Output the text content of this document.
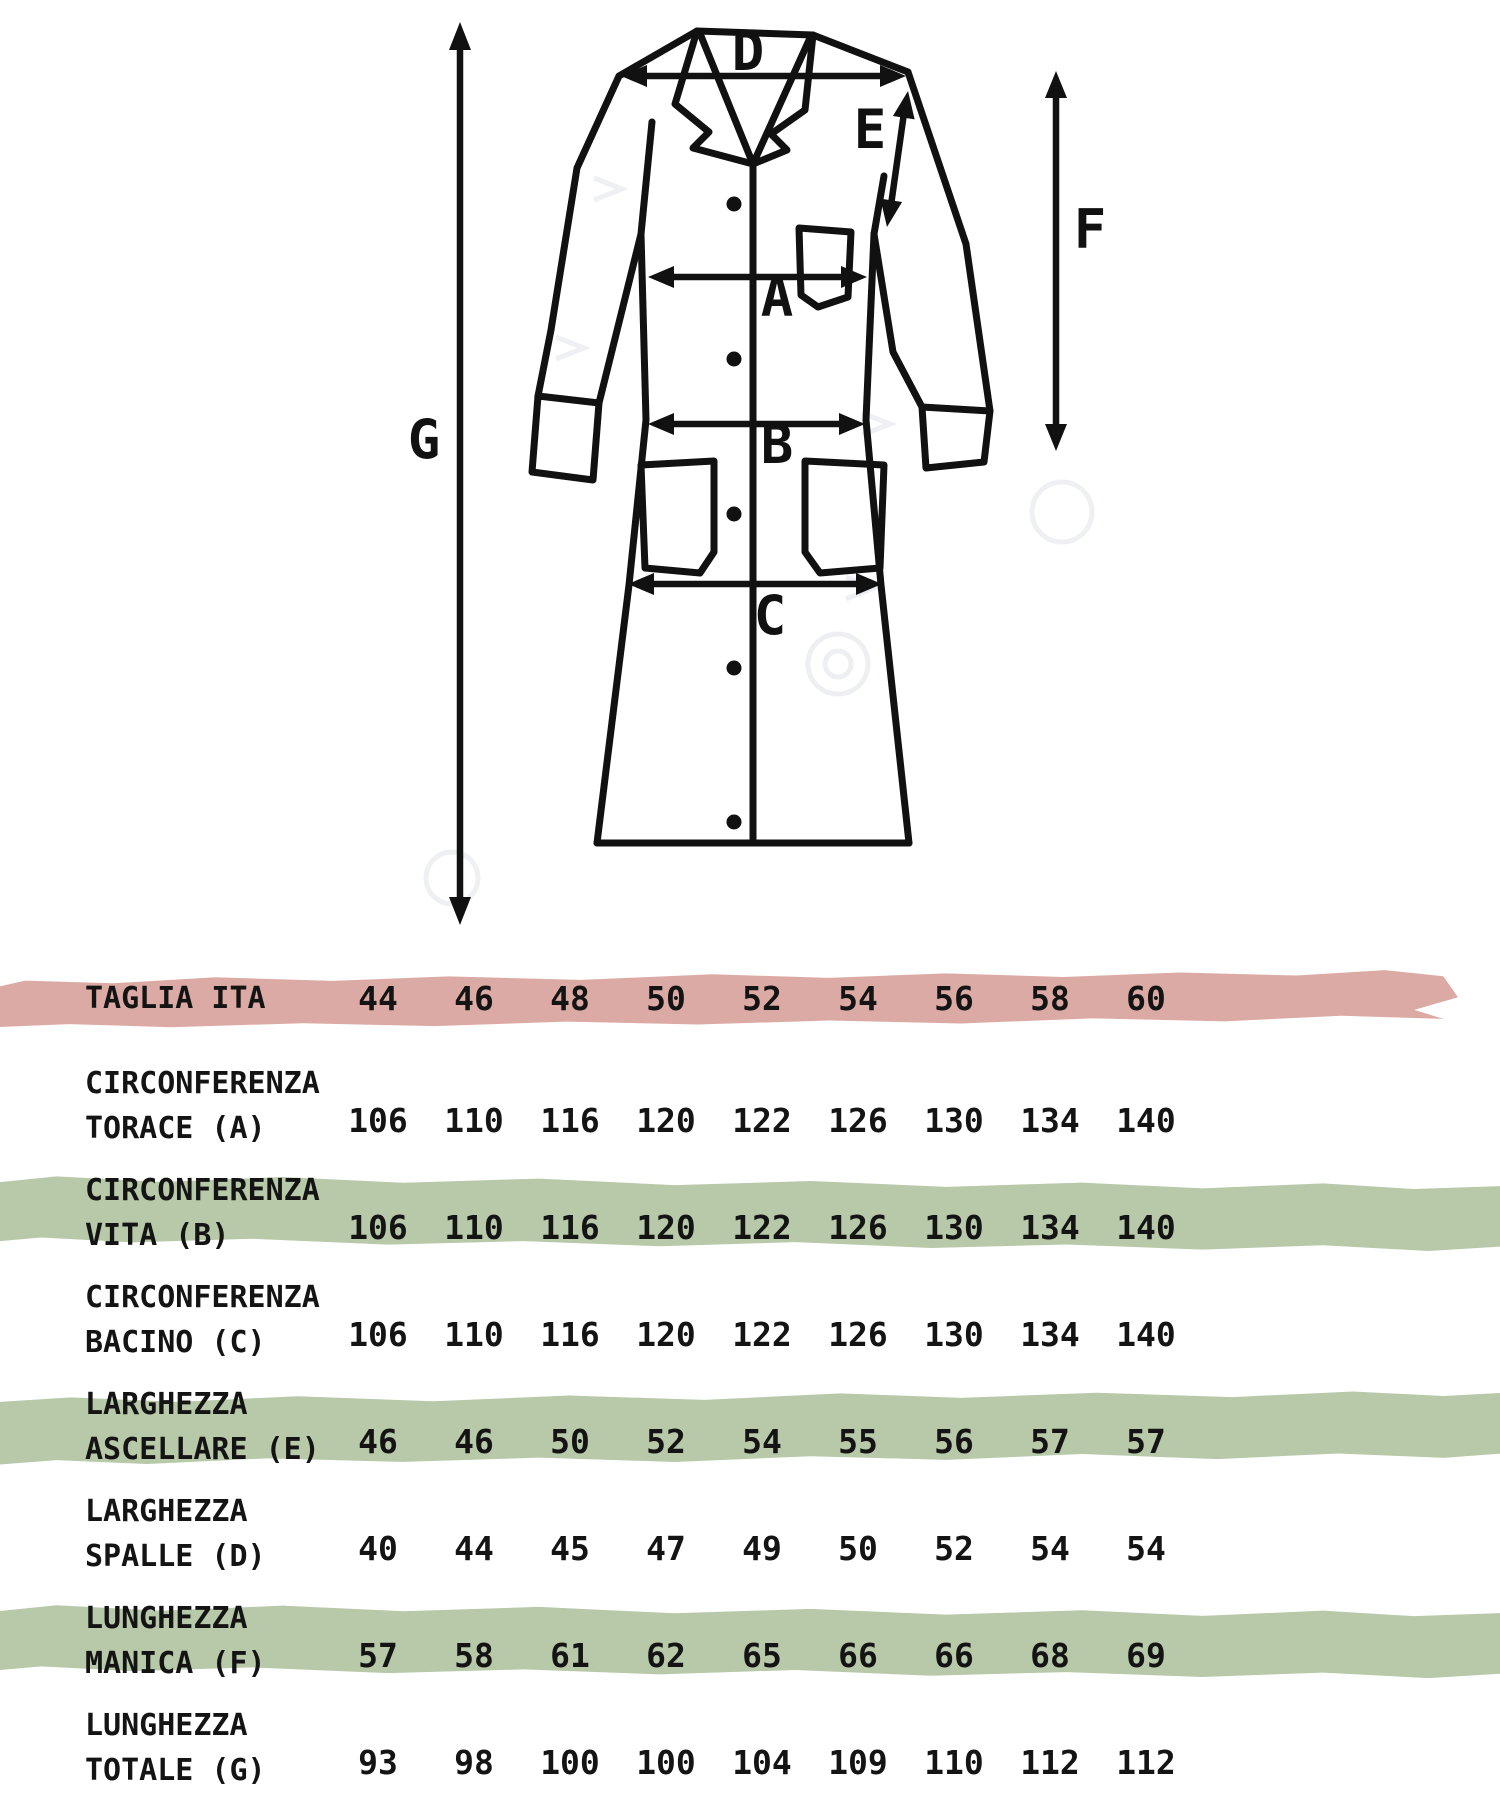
D
E
F
A
B
C
G
TAGLIA ITA	44	46	48	50	52	54	56	58	60
CIRCONFERENZA
TORACE (A)	106	110	116	120	122	126	130	134	140
CIRCONFERENZA
VITA (B)	106	110	116	120	122	126	130	134	140
CIRCONFERENZA
BACINO (C)	106	110	116	120	122	126	130	134	140
LARGHEZZA
ASCELLARE (E)	46	46	50	52	54	55	56	57	57
LARGHEZZA
SPALLE (D)	40	44	45	47	49	50	52	54	54
LUNGHEZZA
MANICA (F)	57	58	61	62	65	66	66	68	69
LUNGHEZZA
TOTALE (G)	93	98	100	100	104	109	110	112	112
